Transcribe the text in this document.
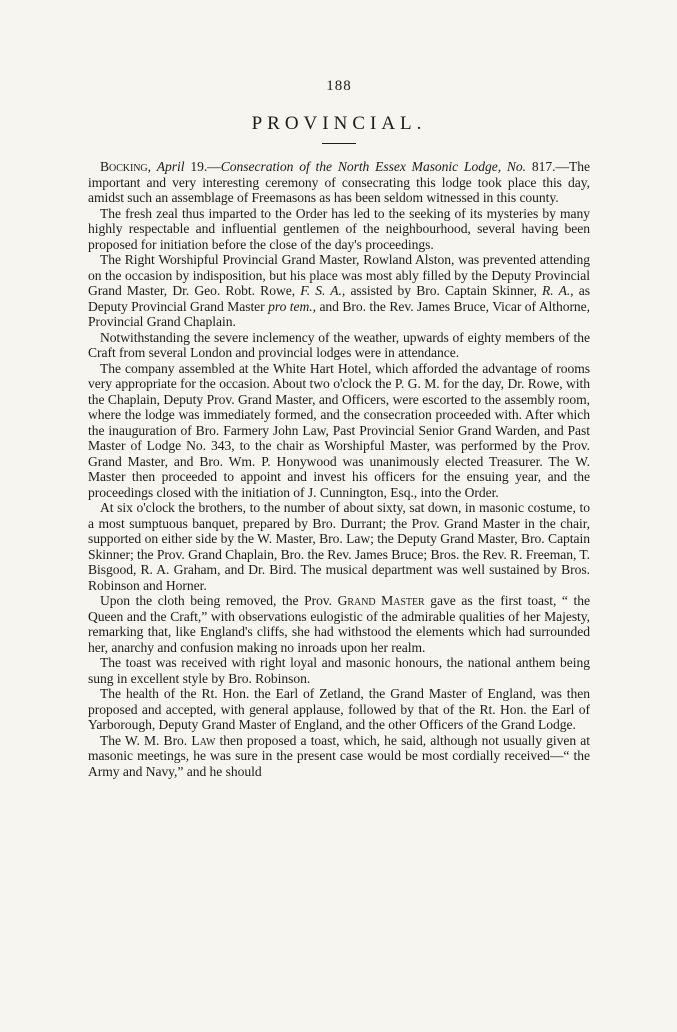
188
PROVINCIAL.

Bocking, April 19.—Consecration of the North Essex Masonic Lodge, No. 817.—The important and very interesting ceremony of consecrating this lodge took place this day, amidst such an assemblage of Freemasons as has been seldom witnessed in this county.

The fresh zeal thus imparted to the Order has led to the seeking of its mysteries by many highly respectable and influential gentlemen of the neighbourhood, several having been proposed for initiation before the close of the day's proceedings.

The Right Worshipful Provincial Grand Master, Rowland Alston, was prevented attending on the occasion by indisposition, but his place was most ably filled by the Deputy Provincial Grand Master, Dr. Geo. Robt. Rowe, F. S. A., assisted by Bro. Captain Skinner, R. A., as Deputy Provincial Grand Master pro tem., and Bro. the Rev. James Bruce, Vicar of Althorne, Provincial Grand Chaplain.

Notwithstanding the severe inclemency of the weather, upwards of eighty members of the Craft from several London and provincial lodges were in attendance.

The company assembled at the White Hart Hotel, which afforded the advantage of rooms very appropriate for the occasion. About two o'clock the P. G. M. for the day, Dr. Rowe, with the Chaplain, Deputy Prov. Grand Master, and Officers, were escorted to the assembly room, where the lodge was immediately formed, and the consecration proceeded with. After which the inauguration of Bro. Farmery John Law, Past Provincial Senior Grand Warden, and Past Master of Lodge No. 343, to the chair as Worshipful Master, was performed by the Prov. Grand Master, and Bro. Wm. P. Honywood was unanimously elected Treasurer. The W. Master then proceeded to appoint and invest his officers for the ensuing year, and the proceedings closed with the initiation of J. Cunnington, Esq., into the Order.

At six o'clock the brothers, to the number of about sixty, sat down, in masonic costume, to a most sumptuous banquet, prepared by Bro. Durrant; the Prov. Grand Master in the chair, supported on either side by the W. Master, Bro. Law; the Deputy Grand Master, Bro. Captain Skinner; the Prov. Grand Chaplain, Bro. the Rev. James Bruce; Bros. the Rev. R. Freeman, T. Bisgood, R. A. Graham, and Dr. Bird. The musical department was well sustained by Bros. Robinson and Horner.

Upon the cloth being removed, the Prov. Grand Master gave as the first toast, “ the Queen and the Craft,” with observations eulogistic of the admirable qualities of her Majesty, remarking that, like England's cliffs, she had withstood the elements which had surrounded her, anarchy and confusion making no inroads upon her realm.

The toast was received with right loyal and masonic honours, the national anthem being sung in excellent style by Bro. Robinson.

The health of the Rt. Hon. the Earl of Zetland, the Grand Master of England, was then proposed and accepted, with general applause, followed by that of the Rt. Hon. the Earl of Yarborough, Deputy Grand Master of England, and the other Officers of the Grand Lodge.

The W. M. Bro. Law then proposed a toast, which, he said, although not usually given at masonic meetings, he was sure in the present case would be most cordially received—“ the Army and Navy,” and he should
